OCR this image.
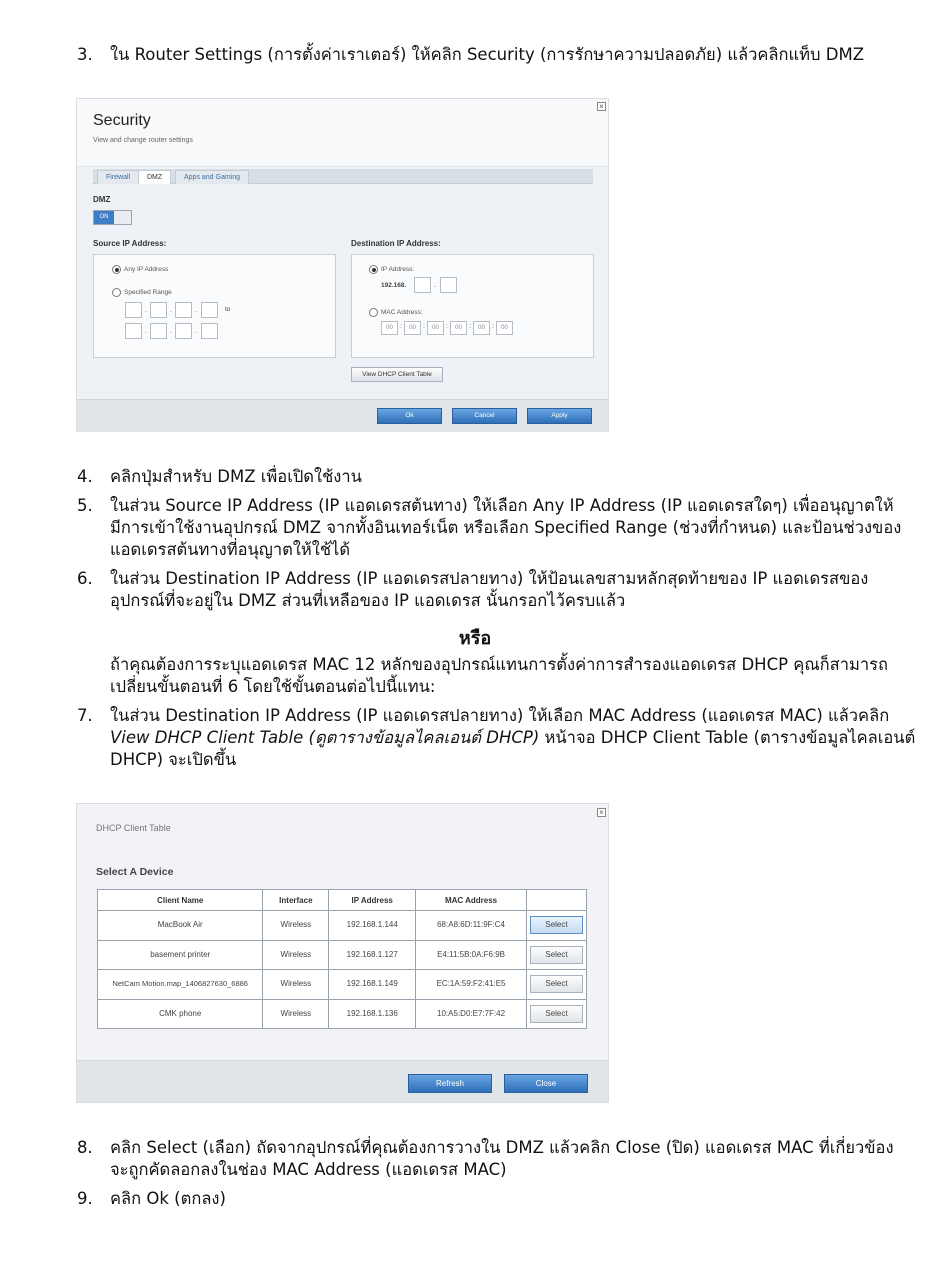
3.	ใน Router Settings (การตั้งค่าเราเตอร์) ให้คลิก Security (การรักษาความปลอดภัย) แล้วคลิกแท็บ DMZ
Security
View and change router settings
×
Firewall	DMZ	Apps and Gaming
DMZ
ON
Source IP Address:
Any IP Address
Specified Range
.	.	.	to
.	.	.
Destination IP Address:
IP Address:
192.168.	.
MAC Address:
00	:	00	:	00	:	00	:	00	:	00
View DHCP Client Table
Ok	Cancel	Apply
4.	คลิกปุ่มสำหรับ DMZ เพื่อเปิดใช้งาน
5.	ในส่วน Source IP Address (IP แอดเดรสต้นทาง) ให้เลือก Any IP Address (IP แอดเดรสใดๆ) เพื่ออนุญาตให้
มีการเข้าใช้งานอุปกรณ์ DMZ จากทั้งอินเทอร์เน็ต หรือเลือก Specified Range (ช่วงที่กำหนด) และป้อนช่วงของ
แอดเดรสต้นทางที่อนุญาตให้ใช้ได้
6.	ในส่วน Destination IP Address (IP แอดเดรสปลายทาง) ให้ป้อนเลขสามหลักสุดท้ายของ IP แอดเดรสของ
อุปกรณ์ที่จะอยู่ใน DMZ ส่วนที่เหลือของ IP แอดเดรส นั้นกรอกไว้ครบแล้ว
หรือ
ถ้าคุณต้องการระบุแอดเดรส MAC 12 หลักของอุปกรณ์แทนการตั้งค่าการสำรองแอดเดรส DHCP คุณก็สามารถ
เปลี่ยนขั้นตอนที่ 6 โดยใช้ขั้นตอนต่อไปนี้แทน:
7.	ในส่วน Destination IP Address (IP แอดเดรสปลายทาง) ให้เลือก MAC Address (แอดเดรส MAC) แล้วคลิก
View DHCP Client Table (ดูตารางข้อมูลไคลเอนต์ DHCP) หน้าจอ DHCP Client Table (ตารางข้อมูลไคลเอนต์
DHCP) จะเปิดขึ้น
×
DHCP Client Table
Select A Device
Client Name	Interface	IP Address	MAC Address	
MacBook Air	Wireless	192.168.1.144	68:A8:6D:11:9F:C4	Select
basement printer	Wireless	192.168.1.127	E4:11:5B:0A:F6:9B	Select
NetCam Motion.map_1406827630_6886	Wireless	192.168.1.149	EC:1A:59:F2:41:E5	Select
CMK phone	Wireless	192.168.1.136	10:A5:D0:E7:7F:42	Select
Refresh	Close
8.	คลิก Select (เลือก) ถัดจากอุปกรณ์ที่คุณต้องการวางใน DMZ แล้วคลิก Close (ปิด) แอดเดรส MAC ที่เกี่ยวข้อง
จะถูกคัดลอกลงในช่อง MAC Address (แอดเดรส MAC)
9.	คลิก Ok (ตกลง)
